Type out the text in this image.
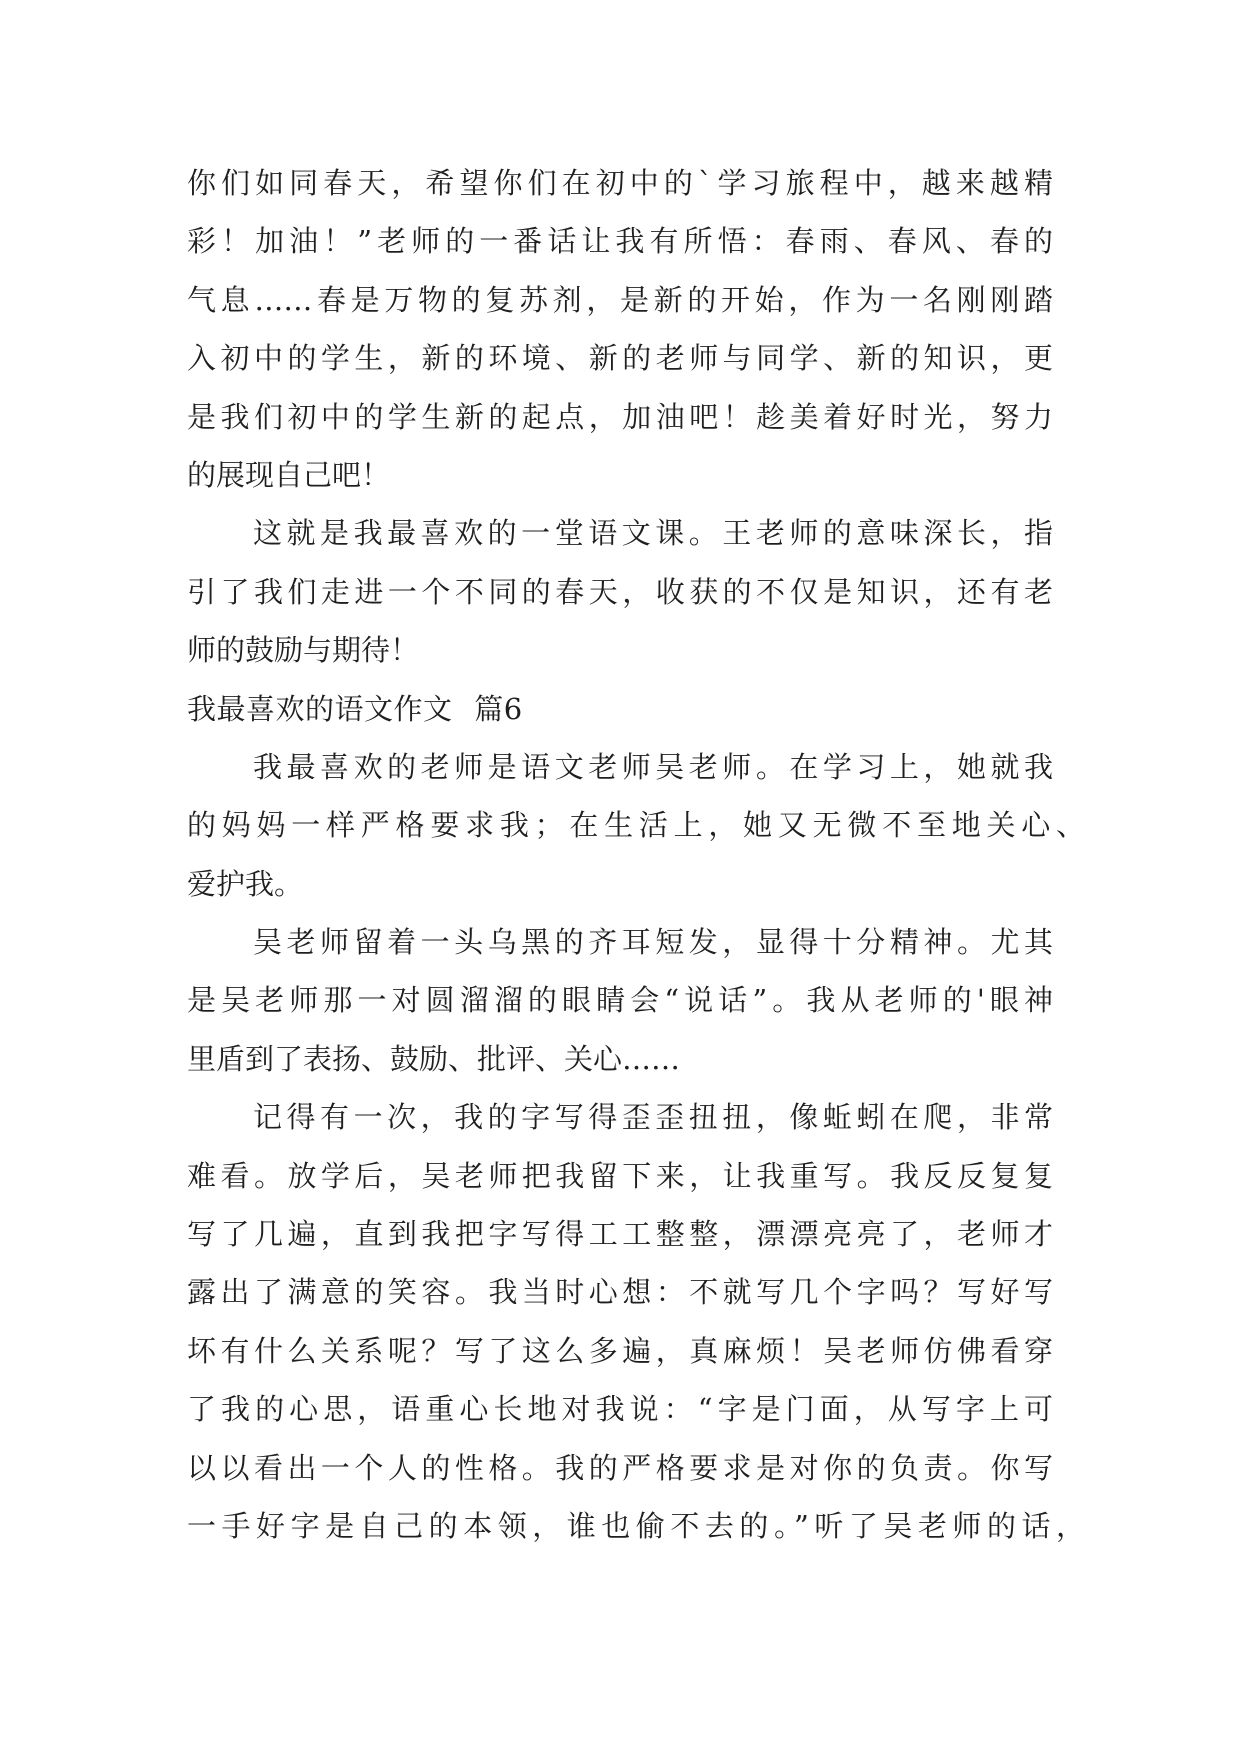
你们如同春天，希望你们在初中的`学习旅程中，越来越精
彩！加油！”老师的一番话让我有所悟：春雨、春风、春的
气息……春是万物的复苏剂，是新的开始，作为一名刚刚踏
入初中的学生，新的环境、新的老师与同学、新的知识，更
是我们初中的学生新的起点，加油吧！趁美着好时光，努力
的展现自己吧！
这就是我最喜欢的一堂语文课。王老师的意味深长，指
引了我们走进一个不同的春天，收获的不仅是知识，还有老
师的鼓励与期待！
我最喜欢的语文作文 篇6
我最喜欢的老师是语文老师吴老师。在学习上，她就我
的妈妈一样严格要求我；在生活上，她又无微不至地关心、
爱护我。
吴老师留着一头乌黑的齐耳短发，显得十分精神。尤其
是吴老师那一对圆溜溜的眼睛会“说话”。我从老师的'眼神
里盾到了表扬、鼓励、批评、关心……
记得有一次，我的字写得歪歪扭扭，像蚯蚓在爬，非常
难看。放学后，吴老师把我留下来，让我重写。我反反复复
写了几遍，直到我把字写得工工整整，漂漂亮亮了，老师才
露出了满意的笑容。我当时心想：不就写几个字吗？写好写
坏有什么关系呢？写了这么多遍，真麻烦！吴老师仿佛看穿
了我的心思，语重心长地对我说：“字是门面，从写字上可
以以看出一个人的性格。我的严格要求是对你的负责。你写
一手好字是自己的本领，谁也偷不去的。”听了吴老师的话，
